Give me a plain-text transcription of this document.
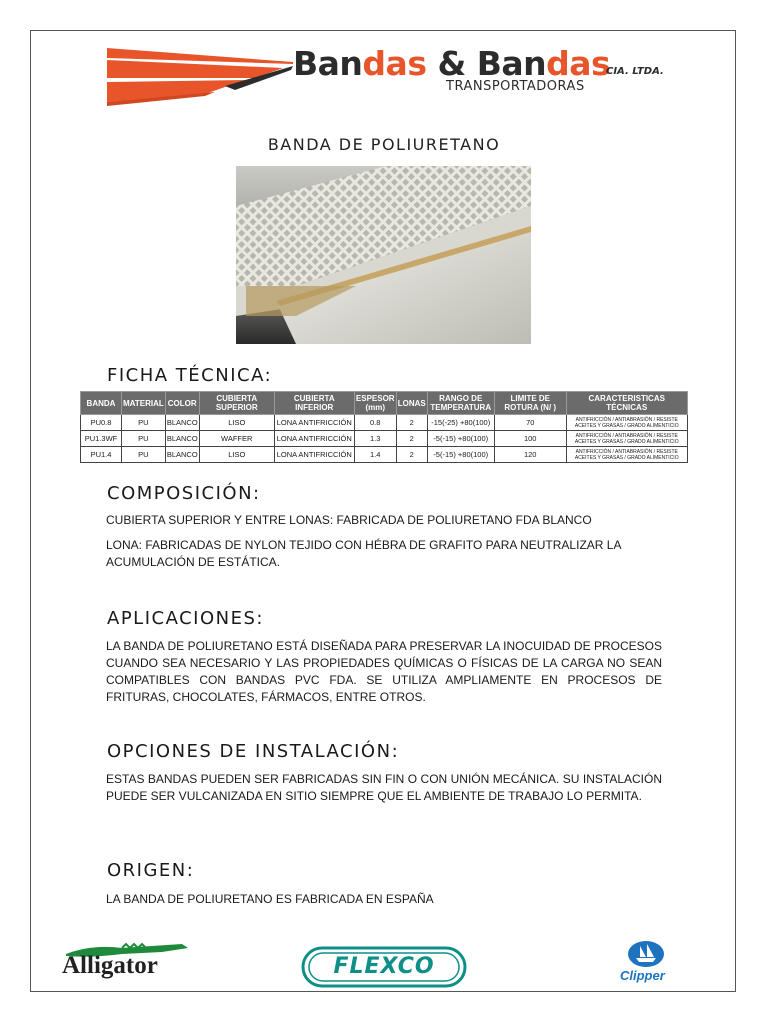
Bandas & Bandas
CIA. LTDA.
TRANSPORTADORAS
BANDA DE POLIURETANO
FICHA TÉCNICA:
BANDA	MATERIAL	COLOR	CUBIERTA SUPERIOR	CUBIERTA INFERIOR	ESPESOR (mm)	LONAS	RANGO DE TEMPERATURA	LIMITE DE ROTURA (N/ )	CARACTERISTICAS TÉCNICAS
PU0.8	PU	BLANCO	LISO	LONA ANTIFRICCIÓN	0.8	2	-15(-25) +80(100)	70	ANTIFRICCIÓN / ANTIABRASIÓN / RESISTE ACEITES Y GRASAS / GRADO ALIMENTICIO
PU1.3WF	PU	BLANCO	WAFFER	LONA ANTIFRICCIÓN	1.3	2	-5(-15) +80(100)	100	ANTIFRICCIÓN / ANTIABRASIÓN / RESISTE ACEITES Y GRASAS / GRADO ALIMENTICIO
PU1.4	PU	BLANCO	LISO	LONA ANTIFRICCIÓN	1.4	2	-5(-15) +80(100)	120	ANTIFRICCIÓN / ANTIABRASIÓN / RESISTE ACEITES Y GRASAS / GRADO ALIMENTICIO
COMPOSICIÓN:
CUBIERTA SUPERIOR Y ENTRE LONAS: FABRICADA DE POLIURETANO FDA BLANCO
LONA: FABRICADAS DE NYLON TEJIDO CON HÉBRA DE GRAFITO PARA NEUTRALIZAR LA ACUMULACIÓN DE ESTÁTICA.
APLICACIONES:
LA BANDA DE POLIURETANO ESTÁ DISEÑADA PARA PRESERVAR LA INOCUIDAD DE PROCESOS CUANDO SEA NECESARIO Y LAS PROPIEDADES QUÍMICAS O FÍSICAS DE LA CARGA NO SEAN COMPATIBLES CON BANDAS PVC FDA. SE UTILIZA AMPLIAMENTE EN PROCESOS DE FRITURAS, CHOCOLATES, FÁRMACOS, ENTRE OTROS.
OPCIONES DE INSTALACIÓN:
ESTAS BANDAS PUEDEN SER FABRICADAS SIN FIN O CON UNIÓN MECÁNICA. SU INSTALACIÓN PUEDE SER VULCANIZADA EN SITIO SIEMPRE QUE EL AMBIENTE DE TRABAJO LO PERMITA.
ORIGEN:
LA BANDA DE POLIURETANO ES FABRICADA EN ESPAÑA
Alligator	FLEXCO	Clipper
